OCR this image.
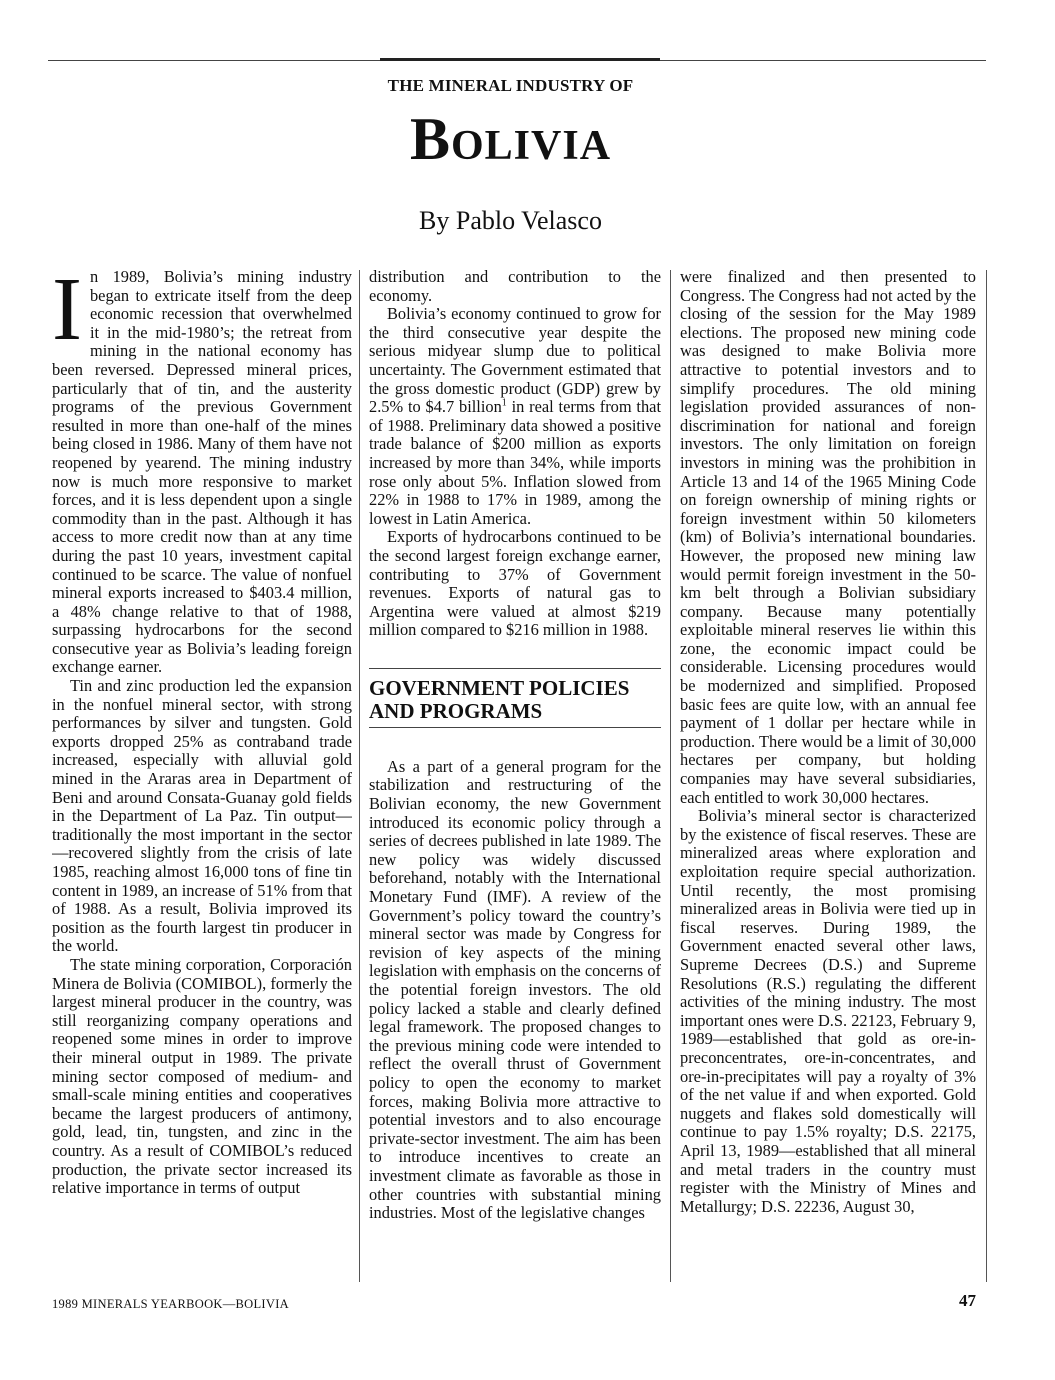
THE MINERAL INDUSTRY OF
Bolivia
By Pablo Velasco

In 1989, Bolivia’s mining industry began to extricate itself from the deep economic recession that overwhelmed it in the mid-1980’s; the retreat from mining in the national economy has been reversed. Depressed mineral prices, particularly that of tin, and the austerity programs of the previous Government resulted in more than one-half of the mines being closed in 1986. Many of them have not reopened by yearend. The mining industry now is much more responsive to market forces, and it is less dependent upon a single commodity than in the past. Although it has access to more credit now than at any time during the past 10 years, investment capital continued to be scarce. The value of nonfuel mineral exports increased to $403.4 million, a 48% change relative to that of 1988, surpassing hydrocarbons for the second consecutive year as Bolivia’s leading foreign exchange earner.

Tin and zinc production led the expansion in the nonfuel mineral sector, with strong performances by silver and tungsten. Gold exports dropped 25% as contraband trade increased, especially with alluvial gold mined in the Araras area in Department of Beni and around Consata-Guanay gold fields in the Department of La Paz. Tin output—traditionally the most important in the sector—recovered slightly from the crisis of late 1985, reaching almost 16,000 tons of fine tin content in 1989, an increase of 51% from that of 1988. As a result, Bolivia improved its position as the fourth largest tin producer in the world.

The state mining corporation, Corporación Minera de Bolivia (COMIBOL), formerly the largest mineral producer in the country, was still reorganizing company operations and reopened some mines in order to improve their mineral output in 1989. The private mining sector composed of medium- and small-scale mining entities and cooperatives became the largest producers of antimony, gold, lead, tin, tungsten, and zinc in the country. As a result of COMIBOL’s reduced production, the private sector increased its relative importance in terms of output

distribution and contribution to the economy.

Bolivia’s economy continued to grow for the third consecutive year despite the serious midyear slump due to political uncertainty. The Government estimated that the gross domestic product (GDP) grew by 2.5% to $4.7 billion$^1$ in real terms from that of 1988. Preliminary data showed a positive trade balance of $200 million as exports increased by more than 34%, while imports rose only about 5%. Inflation slowed from 22% in 1988 to 17% in 1989, among the lowest in Latin America.

Exports of hydrocarbons continued to be the second largest foreign exchange earner, contributing to 37% of Government revenues. Exports of natural gas to Argentina were valued at almost $219 million compared to $216 million in 1988.

GOVERNMENT POLICIES AND PROGRAMS

As a part of a general program for the stabilization and restructuring of the Bolivian economy, the new Government introduced its economic policy through a series of decrees published in late 1989. The new policy was widely discussed beforehand, notably with the International Monetary Fund (IMF). A review of the Government’s policy toward the country’s mineral sector was made by Congress for revision of key aspects of the mining legislation with emphasis on the concerns of the potential foreign investors. The old policy lacked a stable and clearly defined legal framework. The proposed changes to the previous mining code were intended to reflect the overall thrust of Government policy to open the economy to market forces, making Bolivia more attractive to potential investors and to also encourage private-sector investment. The aim has been to introduce incentives to create an investment climate as favorable as those in other countries with substantial mining industries. Most of the legislative changes

were finalized and then presented to Congress. The Congress had not acted by the closing of the session for the May 1989 elections. The proposed new mining code was designed to make Bolivia more attractive to potential investors and to simplify procedures. The old mining legislation provided assurances of non-discrimination for national and foreign investors. The only limitation on foreign investors in mining was the prohibition in Article 13 and 14 of the 1965 Mining Code on foreign ownership of mining rights or foreign investment within 50 kilometers (km) of Bolivia’s international boundaries. However, the proposed new mining law would permit foreign investment in the 50-km belt through a Bolivian subsidiary company. Because many potentially exploitable mineral reserves lie within this zone, the economic impact could be considerable. Licensing procedures would be modernized and simplified. Proposed basic fees are quite low, with an annual fee payment of 1 dollar per hectare while in production. There would be a limit of 30,000 hectares per company, but holding companies may have several subsidiaries, each entitled to work 30,000 hectares.

Bolivia’s mineral sector is characterized by the existence of fiscal reserves. These are mineralized areas where exploration and exploitation require special authorization. Until recently, the most promising mineralized areas in Bolivia were tied up in fiscal reserves. During 1989, the Government enacted several other laws, Supreme Decrees (D.S.) and Supreme Resolutions (R.S.) regulating the different activities of the mining industry. The most important ones were D.S. 22123, February 9, 1989—established that gold as ore-in-preconcentrates, ore-in-concentrates, and ore-in-precipitates will pay a royalty of 3% of the net value if and when exported. Gold nuggets and flakes sold domestically will continue to pay 1.5% royalty; D.S. 22175, April 13, 1989—established that all mineral and metal traders in the country must register with the Ministry of Mines and Metallurgy; D.S. 22236, August 30,

1989 MINERALS YEARBOOK—BOLIVIA	47
